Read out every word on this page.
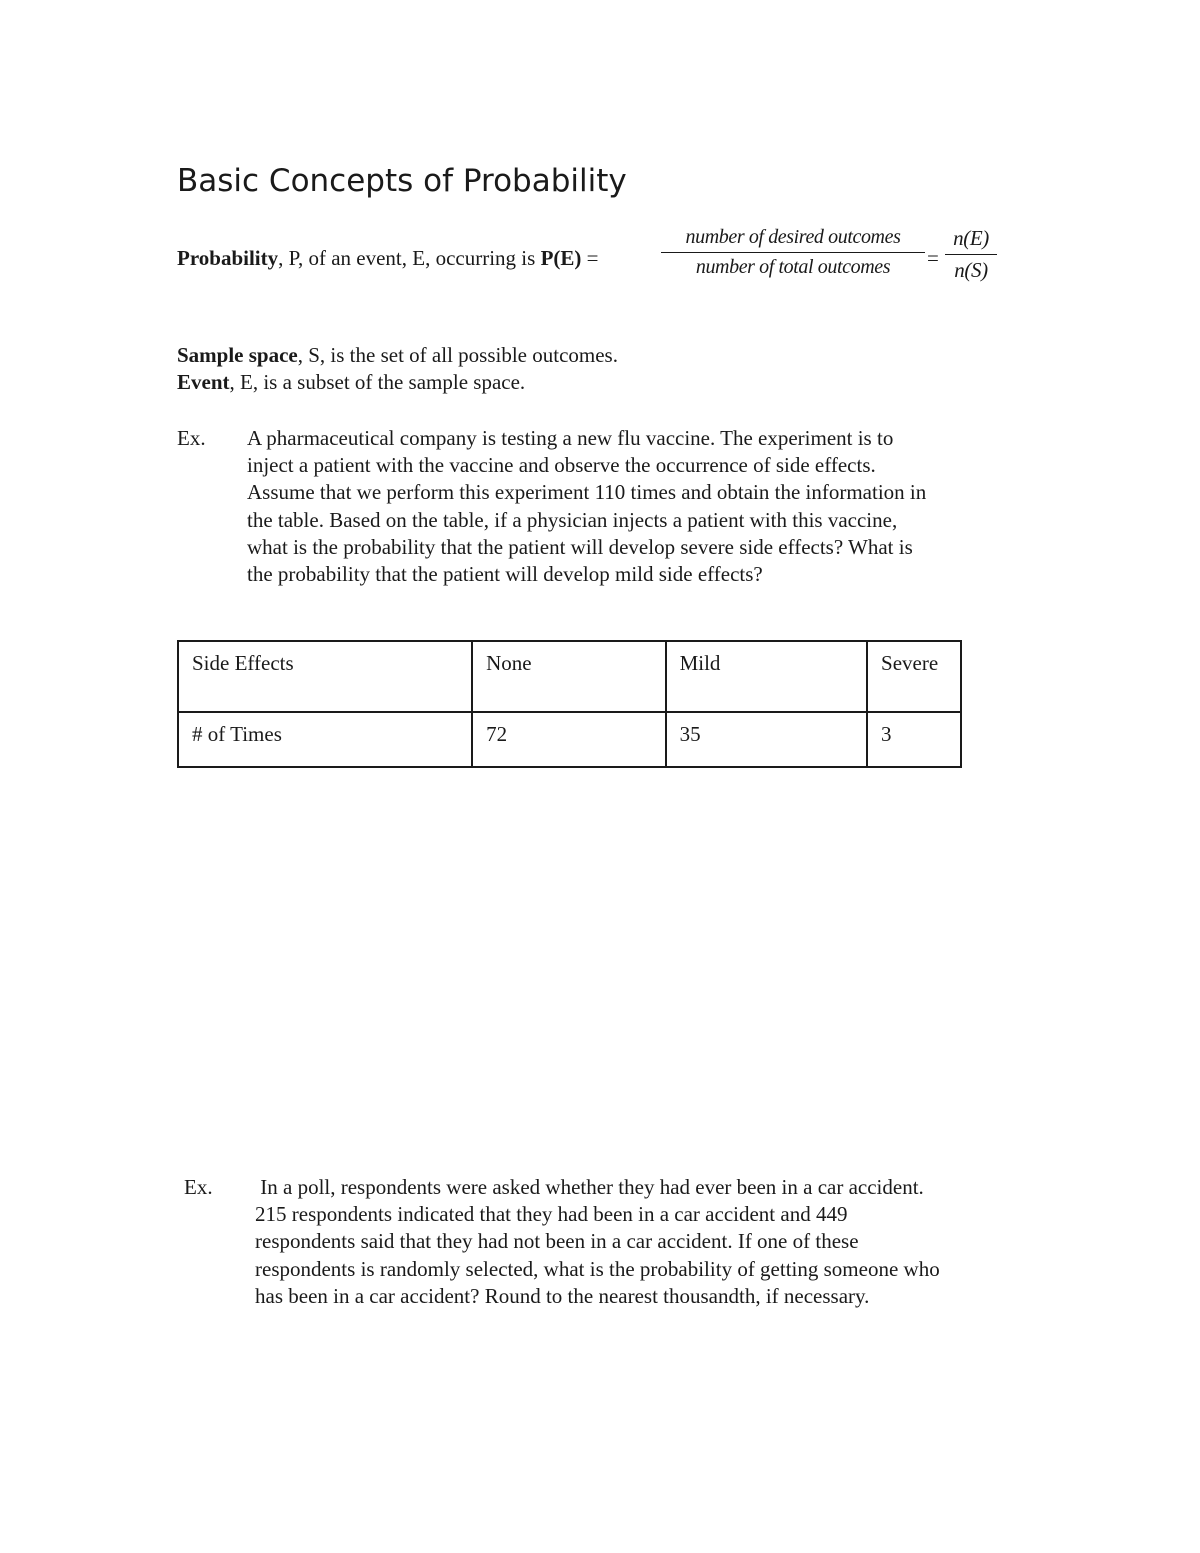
Basic Concepts of Probability
Probability, P, of an event, E, occurring is P(E) =
number of desired outcomes
number of total outcomes	=
n(E)
n(S)

Sample space, S, is the set of all possible outcomes.

Event, E, is a subset of the sample space.

Ex. A pharmaceutical company is testing a new flu vaccine. The experiment is to
inject a patient with the vaccine and observe the occurrence of side effects.
Assume that we perform this experiment 110 times and obtain the information in
the table. Based on the table, if a physician injects a patient with this vaccine,
what is the probability that the patient will develop severe side effects? What is
the probability that the patient will develop mild side effects?
Side Effects	None	Mild	Severe
# of Times	72	35	3

Ex. In a poll, respondents were asked whether they had ever been in a car accident.
215 respondents indicated that they had been in a car accident and 449
respondents said that they had not been in a car accident. If one of these
respondents is randomly selected, what is the probability of getting someone who
has been in a car accident? Round to the nearest thousandth, if necessary.
